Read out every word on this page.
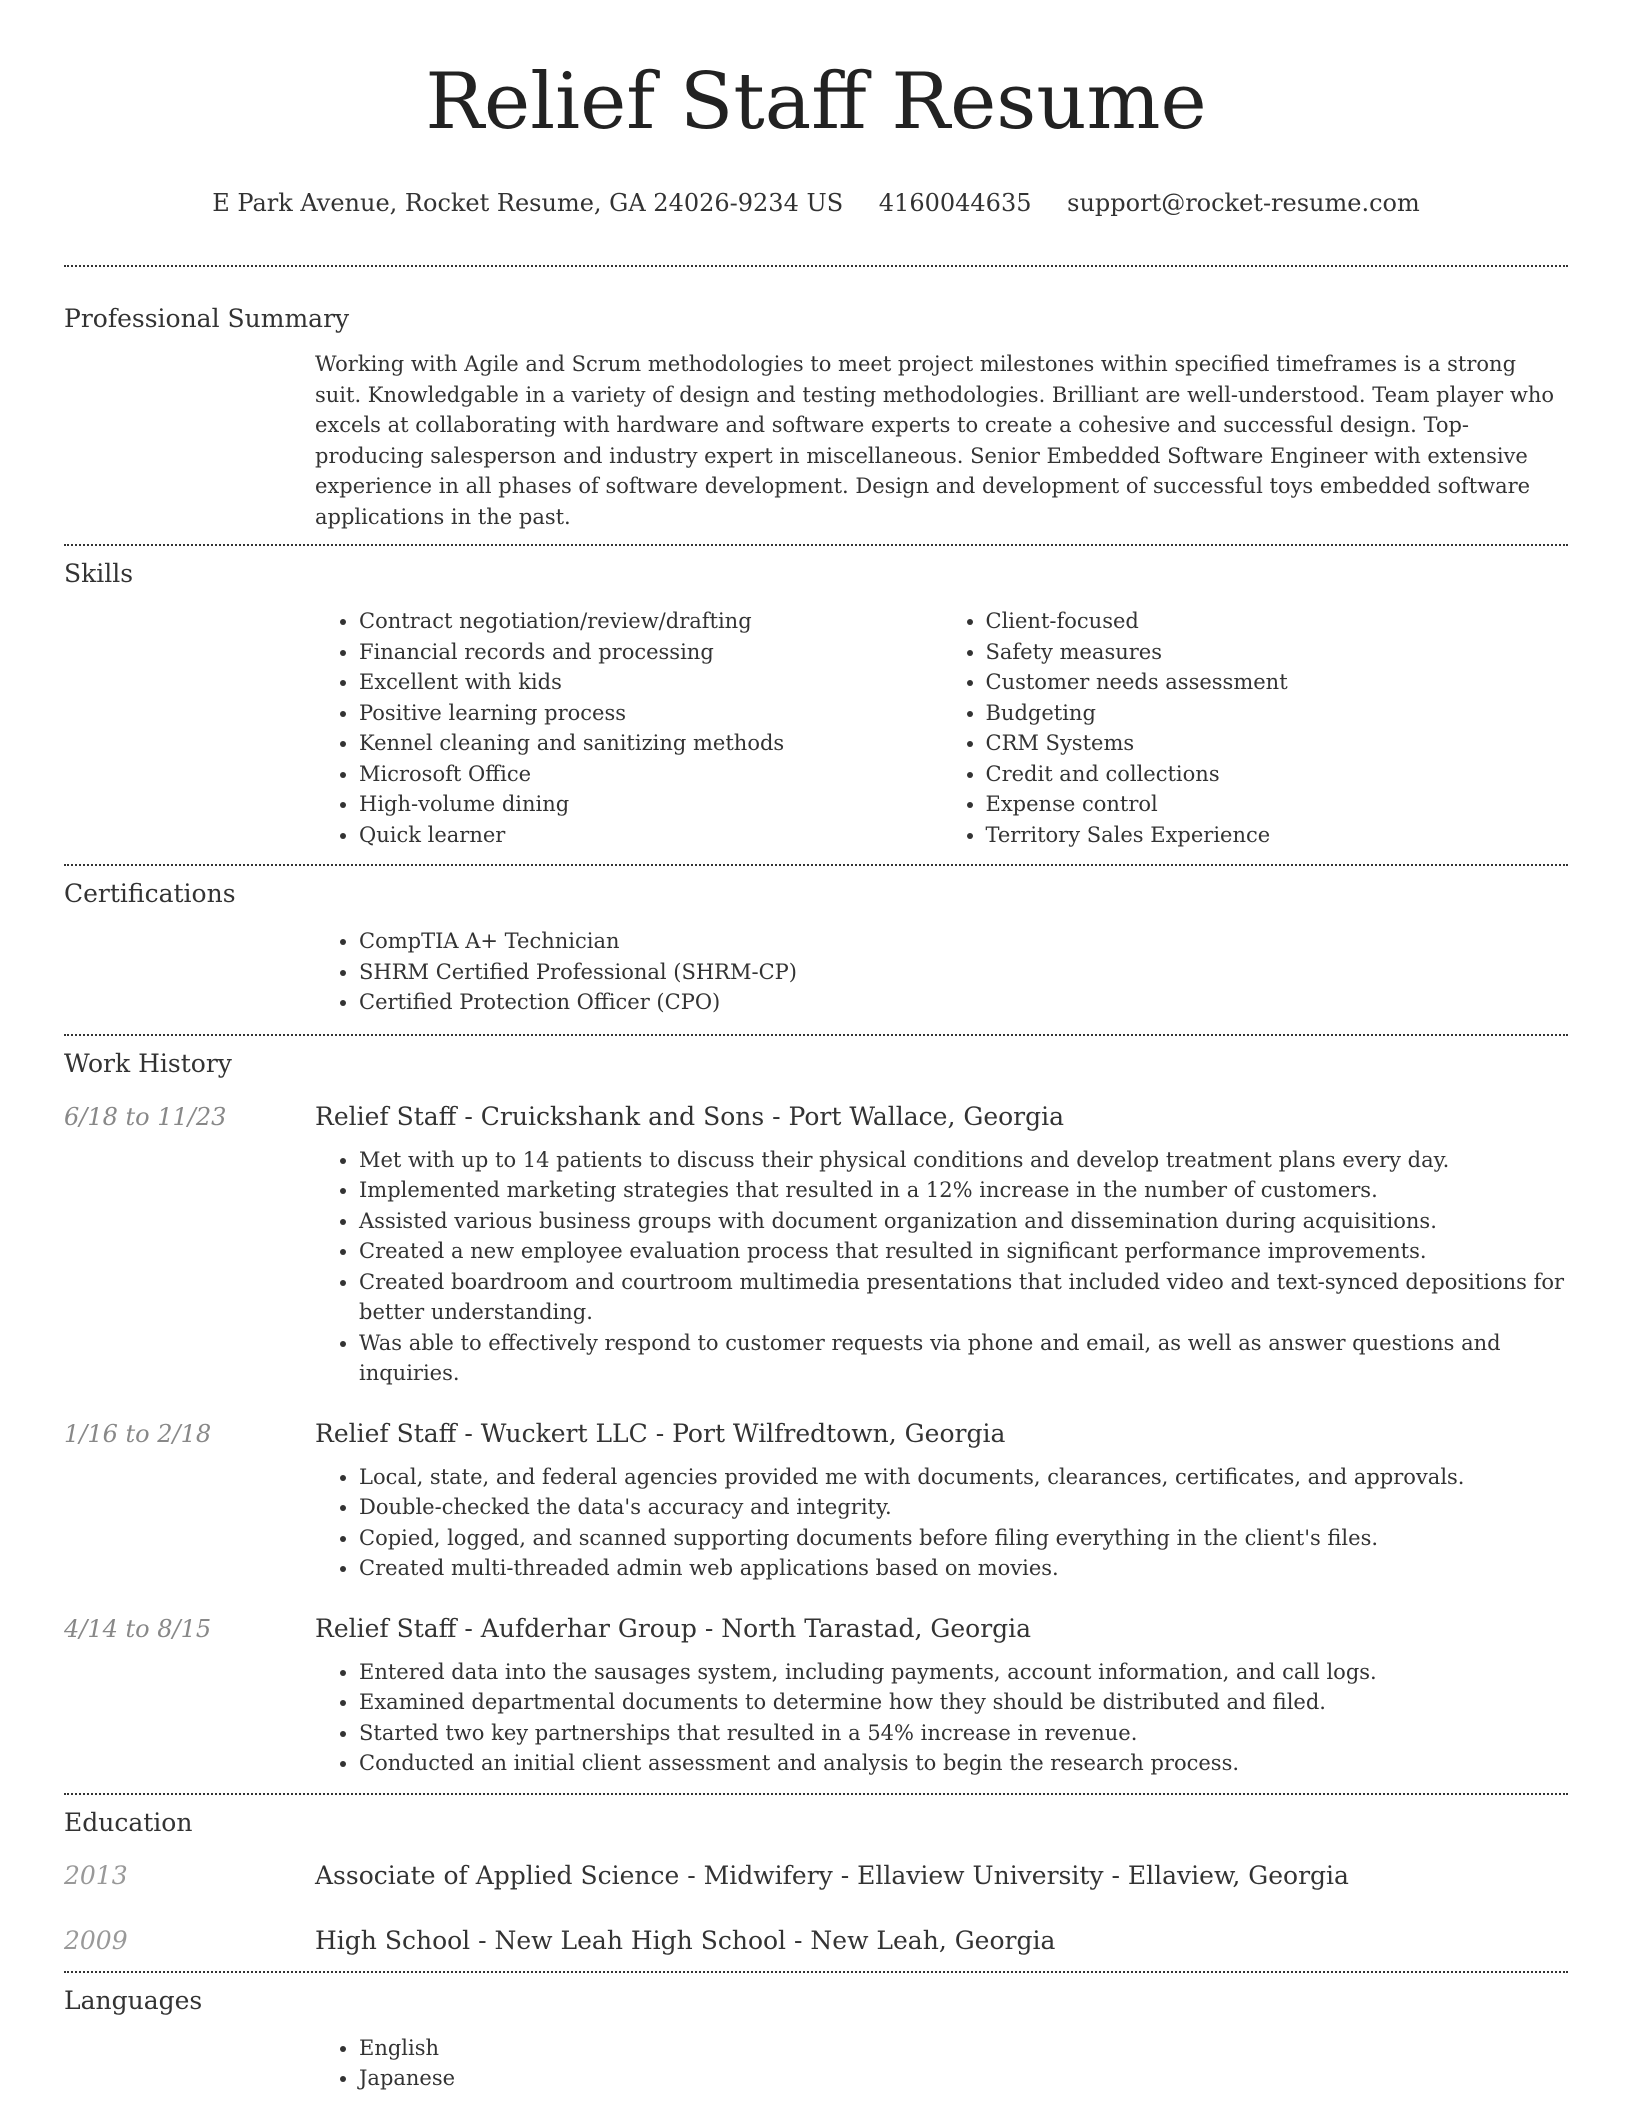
Relief Staff Resume
E Park Avenue, Rocket Resume, GA 24026-9234 US 4160044635 support@rocket-resume.com
Professional Summary
Working with Agile and Scrum methodologies to meet project milestones within specified timeframes is a strong suit. Knowledgable in a variety of design and testing methodologies. Brilliant are well-understood. Team player who excels at collaborating with hardware and software experts to create a cohesive and successful design. Top-producing salesperson and industry expert in miscellaneous. Senior Embedded Software Engineer with extensive experience in all phases of software development. Design and development of successful toys embedded software applications in the past.
Skills
• Contract negotiation/review/drafting
• Financial records and processing
• Excellent with kids
• Positive learning process
• Kennel cleaning and sanitizing methods
• Microsoft Office
• High-volume dining
• Quick learner
• Client-focused
• Safety measures
• Customer needs assessment
• Budgeting
• CRM Systems
• Credit and collections
• Expense control
• Territory Sales Experience
Certifications
• CompTIA A+ Technician
• SHRM Certified Professional (SHRM-CP)
• Certified Protection Officer (CPO)
Work History
6/18 to 11/23	Relief Staff - Cruickshank and Sons - Port Wallace, Georgia
• Met with up to 14 patients to discuss their physical conditions and develop treatment plans every day.
• Implemented marketing strategies that resulted in a 12% increase in the number of customers.
• Assisted various business groups with document organization and dissemination during acquisitions.
• Created a new employee evaluation process that resulted in significant performance improvements.
• Created boardroom and courtroom multimedia presentations that included video and text-synced depositions for better understanding.
• Was able to effectively respond to customer requests via phone and email, as well as answer questions and inquiries.
1/16 to 2/18	Relief Staff - Wuckert LLC - Port Wilfredtown, Georgia
• Local, state, and federal agencies provided me with documents, clearances, certificates, and approvals.
• Double-checked the data's accuracy and integrity.
• Copied, logged, and scanned supporting documents before filing everything in the client's files.
• Created multi-threaded admin web applications based on movies.
4/14 to 8/15	Relief Staff - Aufderhar Group - North Tarastad, Georgia
• Entered data into the sausages system, including payments, account information, and call logs.
• Examined departmental documents to determine how they should be distributed and filed.
• Started two key partnerships that resulted in a 54% increase in revenue.
• Conducted an initial client assessment and analysis to begin the research process.
Education
2013	Associate of Applied Science - Midwifery - Ellaview University - Ellaview, Georgia
2009	High School - New Leah High School - New Leah, Georgia
Languages
• English
• Japanese
